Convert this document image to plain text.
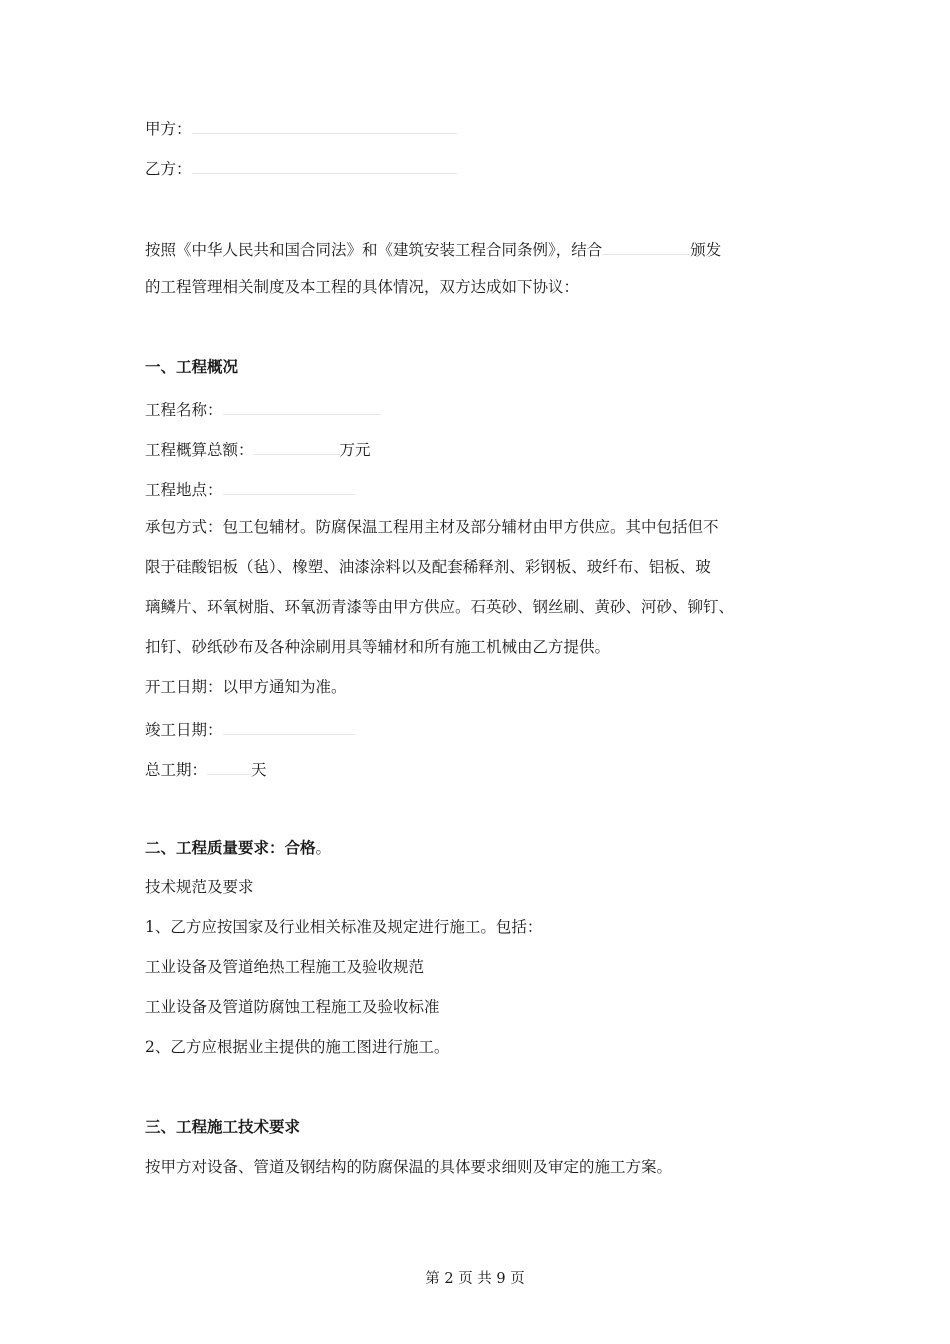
甲方：
乙方：
按照《中华人民共和国合同法》和《建筑安装工程合同条例》，结合	颁发
的工程管理相关制度及本工程的具体情况，双方达成如下协议：
一、工程概况
工程名称：
工程概算总额：	万元
工程地点：
承包方式：包工包辅材。防腐保温工程用主材及部分辅材由甲方供应。其中包括但不
限于硅酸铝板（毡）、橡塑、油漆涂料以及配套稀释剂、彩钢板、玻纤布、铝板、玻
璃鳞片、环氧树脂、环氧沥青漆等由甲方供应。石英砂、钢丝刷、黄砂、河砂、铆钉、
扣钉、砂纸砂布及各种涂刷用具等辅材和所有施工机械由乙方提供。
开工日期：以甲方通知为准。
竣工日期：
总工期：	天
二、工程质量要求：合格。
技术规范及要求
1、乙方应按国家及行业相关标准及规定进行施工。包括：
工业设备及管道绝热工程施工及验收规范
工业设备及管道防腐蚀工程施工及验收标准
2、乙方应根据业主提供的施工图进行施工。
三、工程施工技术要求
按甲方对设备、管道及钢结构的防腐保温的具体要求细则及审定的施工方案。
第 2 页 共 9 页
